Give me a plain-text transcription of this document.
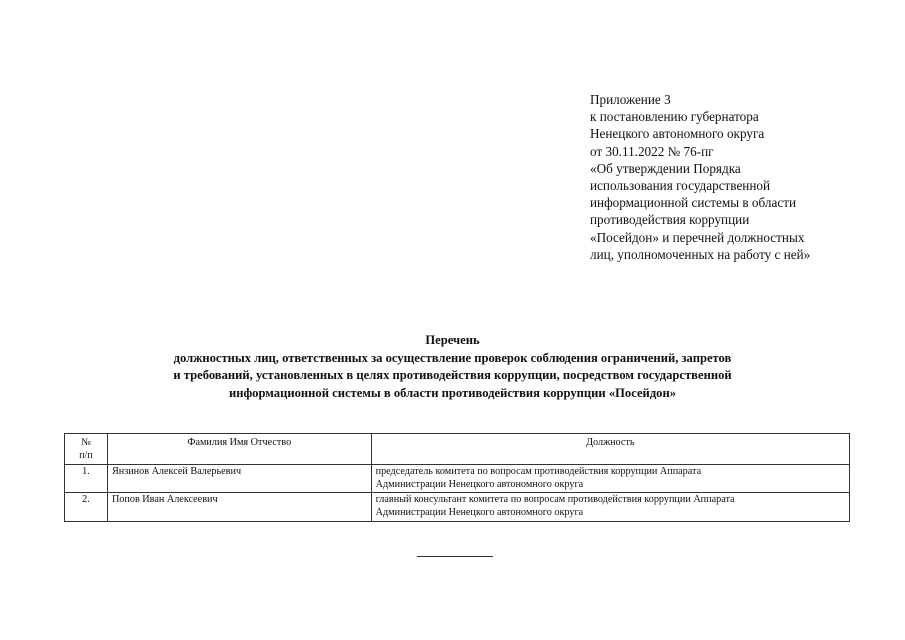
Приложение 3
к постановлению губернатора
Ненецкого автономного округа
от 30.11.2022 № 76-пг
«Об утверждении Порядка
использования государственной
информационной системы в области
противодействия коррупции
«Посейдон» и перечней должностных
лиц, уполномоченных на работу с ней»
Перечень
должностных лиц, ответственных за осуществление проверок соблюдения ограничений, запретов
и требований, установленных в целях противодействия коррупции, посредством государственной
информационной системы в области противодействия коррупции «Посейдон»
№
п/п	Фамилия Имя Отчество	Должность
1.	Янзинов Алексей Валерьевич	председатель комитета по вопросам противодействия коррупции Аппарата
Администрации Ненецкого автономного округа

2.	Попов Иван Алексеевич	главный консультант комитета по вопросам противодействия коррупции Аппарата
Администрации Ненецкого автономного округа
